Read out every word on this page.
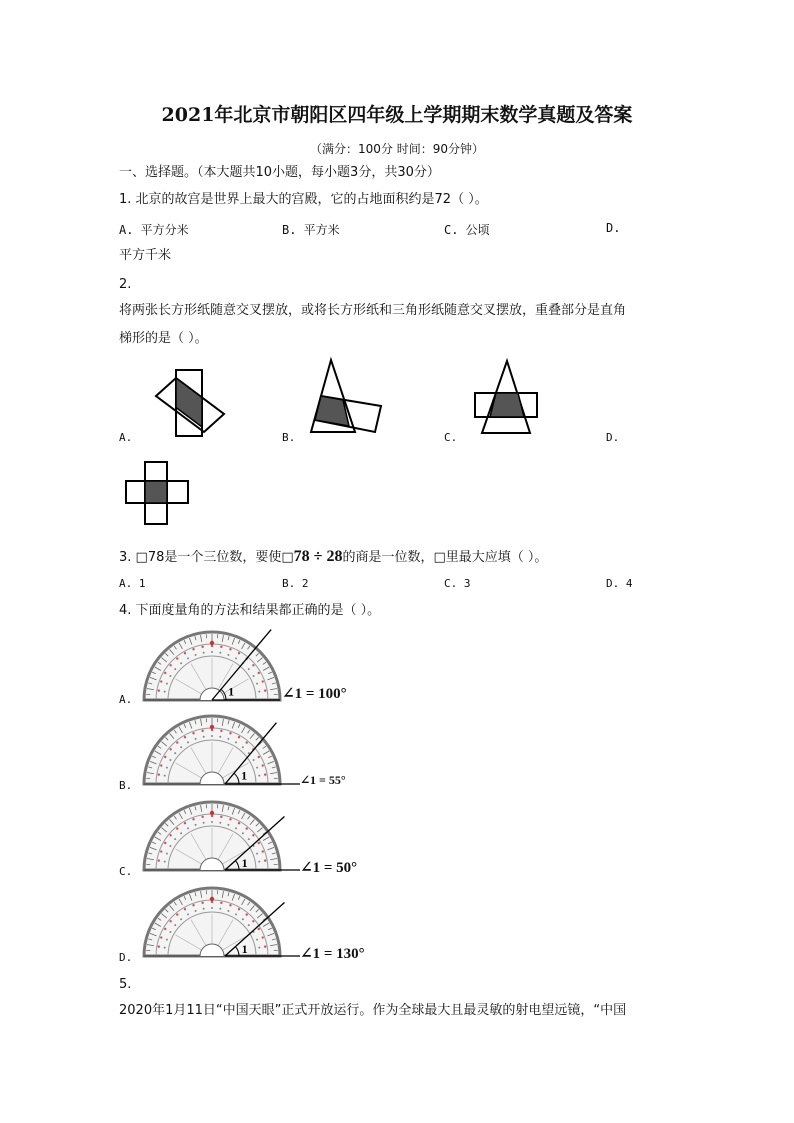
2021年北京市朝阳区四年级上学期期末数学真题及答案
（满分：100分 时间：90分钟）
一、选择题。（本大题共10小题，每小题3分，共30分）
1. 北京的故宫是世界上最大的宫殿，它的占地面积约是72（ ）。
A. 平方分米	B. 平方米	C. 公顷	D.
平方千米
2.
将两张长方形纸随意交叉摆放，或将长方形纸和三角形纸随意交叉摆放，重叠部分是直角
梯形的是（ ）。
A.	B.	C.	D.
3. □78是一个三位数，要使□78 ÷ 28的商是一位数，□里最大应填（ ）。
A. 1	B. 2	C. 3	D. 4
4. 下面度量角的方法和结果都正确的是（ ）。
1
A.	∠1 = 100°
1
B.	∠1 = 55°
1
C.	∠1 = 50°
1
D.	∠1 = 130°
5.
2020年1月11日“中国天眼”正式开放运行。作为全球最大且最灵敏的射电望远镜，“中国
